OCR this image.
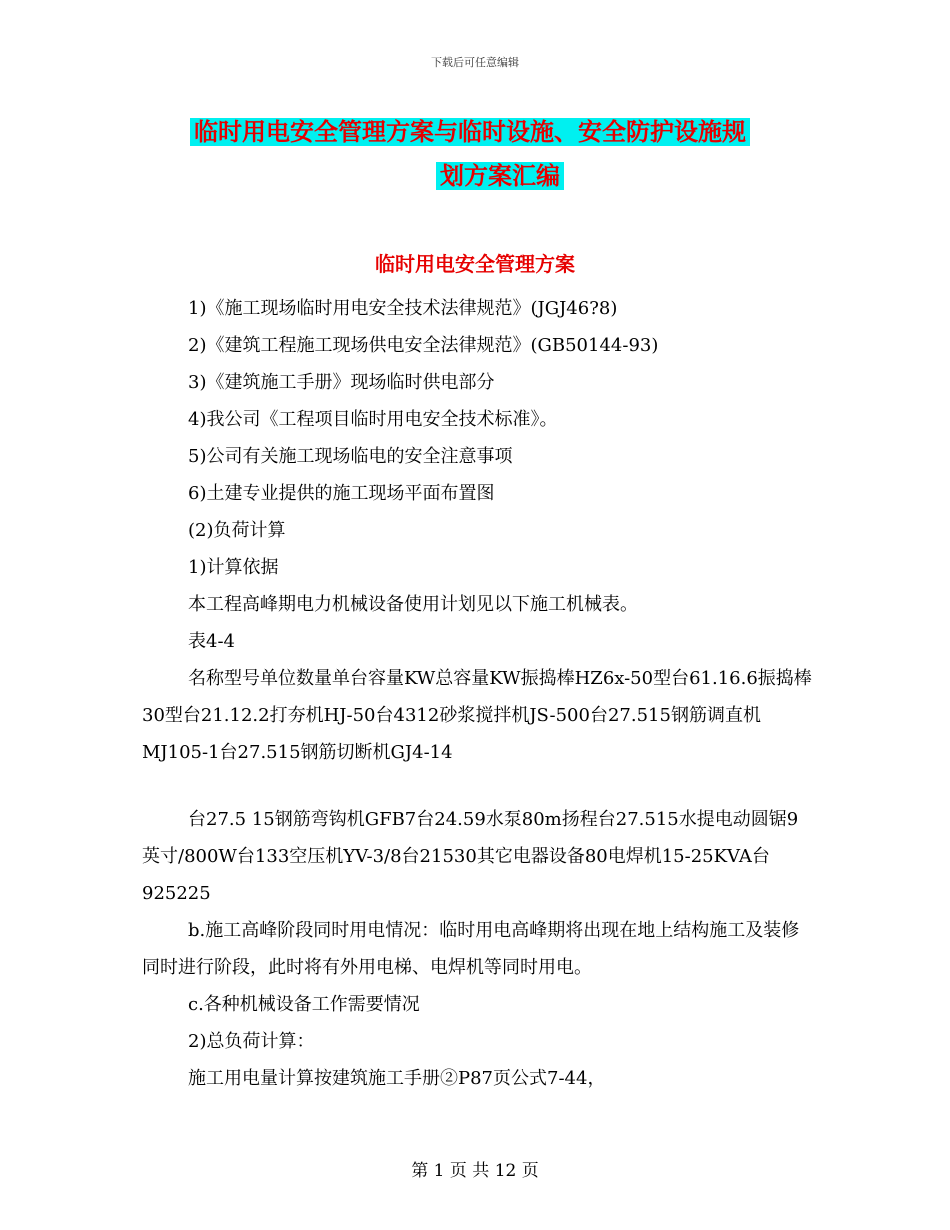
下载后可任意编辑
临时用电安全管理方案与临时设施、安全防护设施规
划方案汇编
临时用电安全管理方案

1)《施工现场临时用电安全技术法律规范》(JGJ46?8)

2)《建筑工程施工现场供电安全法律规范》(GB50144-93)

3)《建筑施工手册》现场临时供电部分

4)我公司《工程项目临时用电安全技术标准》。

5)公司有关施工现场临电的安全注意事项

6)土建专业提供的施工现场平面布置图

(2)负荷计算

1)计算依据

本工程高峰期电力机械设备使用计划见以下施工机械表。

表4-4

名称型号单位数量单台容量KW总容量KW振捣棒HZ6x-50型台61.16.6振捣棒30型台21.12.2打夯机HJ-50台4312砂浆搅拌机JS-500台27.515钢筋调直机MJ105-1台27.515钢筋切断机GJ4-14

台27.5 15钢筋弯钩机GFB7台24.59水泵80m扬程台27.515水提电动圆锯9英寸/800W台133空压机YV-3/8台21530其它电器设备80电焊机15-25KVA台925225

b.施工高峰阶段同时用电情况：临时用电高峰期将出现在地上结构施工及装修同时进行阶段，此时将有外用电梯、电焊机等同时用电。

c.各种机械设备工作需要情况

2)总负荷计算：

施工用电量计算按建筑施工手册②P87页公式7-44，

第 1 页 共 12 页
